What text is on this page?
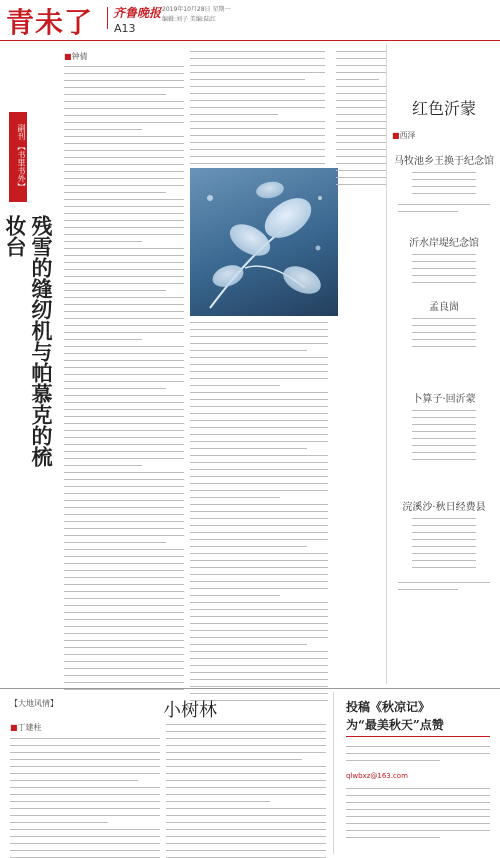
青未了 齐鲁晚报
A13
2019年10月28日 星期一
编辑:刘子 美编:陆红
副刊 【书里书外】
残雪的缝纫机与帕慕克的梳妆台
■钟倩
红色沂蒙
■西泽
马牧池乡王换于纪念馆
沂水岸堤纪念馆
孟良崮
卜算子·回沂蒙
浣溪沙·秋日经费县
【大地风情】	小树林
■丁建柱
投稿《秋凉记》
为“最美秋天”点赞
qlwbxz@163.com
